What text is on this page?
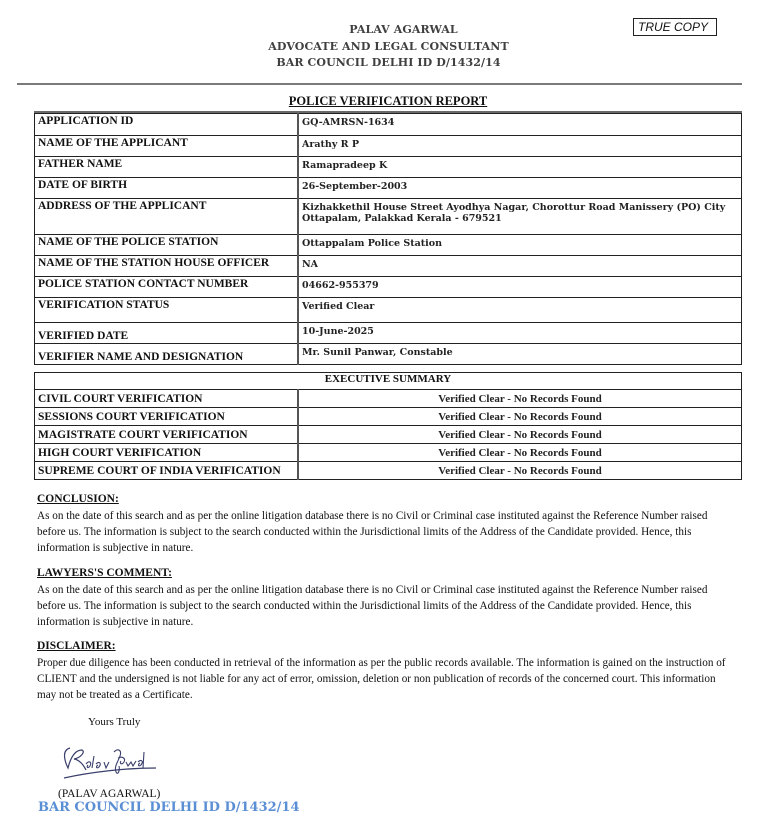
PALAV AGARWAL
ADVOCATE AND LEGAL CONSULTANT
BAR COUNCIL DELHI ID D/1432/14
TRUE COPY
POLICE VERIFICATION REPORT
APPLICATION ID	GQ-AMRSN-1634
NAME OF THE APPLICANT	Arathy R P
FATHER NAME	Ramapradeep K
DATE OF BIRTH	26-September-2003
ADDRESS OF THE APPLICANT	Kizhakkethil House Street Ayodhya Nagar, Chorottur Road Manissery (PO) City Ottapalam, Palakkad Kerala - 679521
NAME OF THE POLICE STATION	Ottappalam Police Station
NAME OF THE STATION HOUSE OFFICER	NA
POLICE STATION CONTACT NUMBER	04662-955379
VERIFICATION STATUS	Verified Clear
VERIFIED DATE	10-June-2025
VERIFIER NAME AND DESIGNATION	Mr. Sunil Panwar, Constable
EXECUTIVE SUMMARY	
CIVIL COURT VERIFICATION	Verified Clear - No Records Found
SESSIONS COURT VERIFICATION	Verified Clear - No Records Found
MAGISTRATE COURT VERIFICATION	Verified Clear - No Records Found
HIGH COURT VERIFICATION	Verified Clear - No Records Found
SUPREME COURT OF INDIA VERIFICATION	Verified Clear - No Records Found
CONCLUSION:

As on the date of this search and as per the online litigation database there is no Civil or Criminal case instituted against the Reference Number raised before us. The information is subject to the search conducted within the Jurisdictional limits of the Address of the Candidate provided. Hence, this information is subjective in nature.

LAWYERS'S COMMENT:

As on the date of this search and as per the online litigation database there is no Civil or Criminal case instituted against the Reference Number raised before us. The information is subject to the search conducted within the Jurisdictional limits of the Address of the Candidate provided. Hence, this information is subjective in nature.

DISCLAIMER:

Proper due diligence has been conducted in retrieval of the information as per the public records available. The information is gained on the instruction of CLIENT and the undersigned is not liable for any act of error, omission, deletion or non publication of records of the concerned court. This information may not be treated as a Certificate.

Yours Truly
(PALAV AGARWAL)
BAR COUNCIL DELHI ID D/1432/14
